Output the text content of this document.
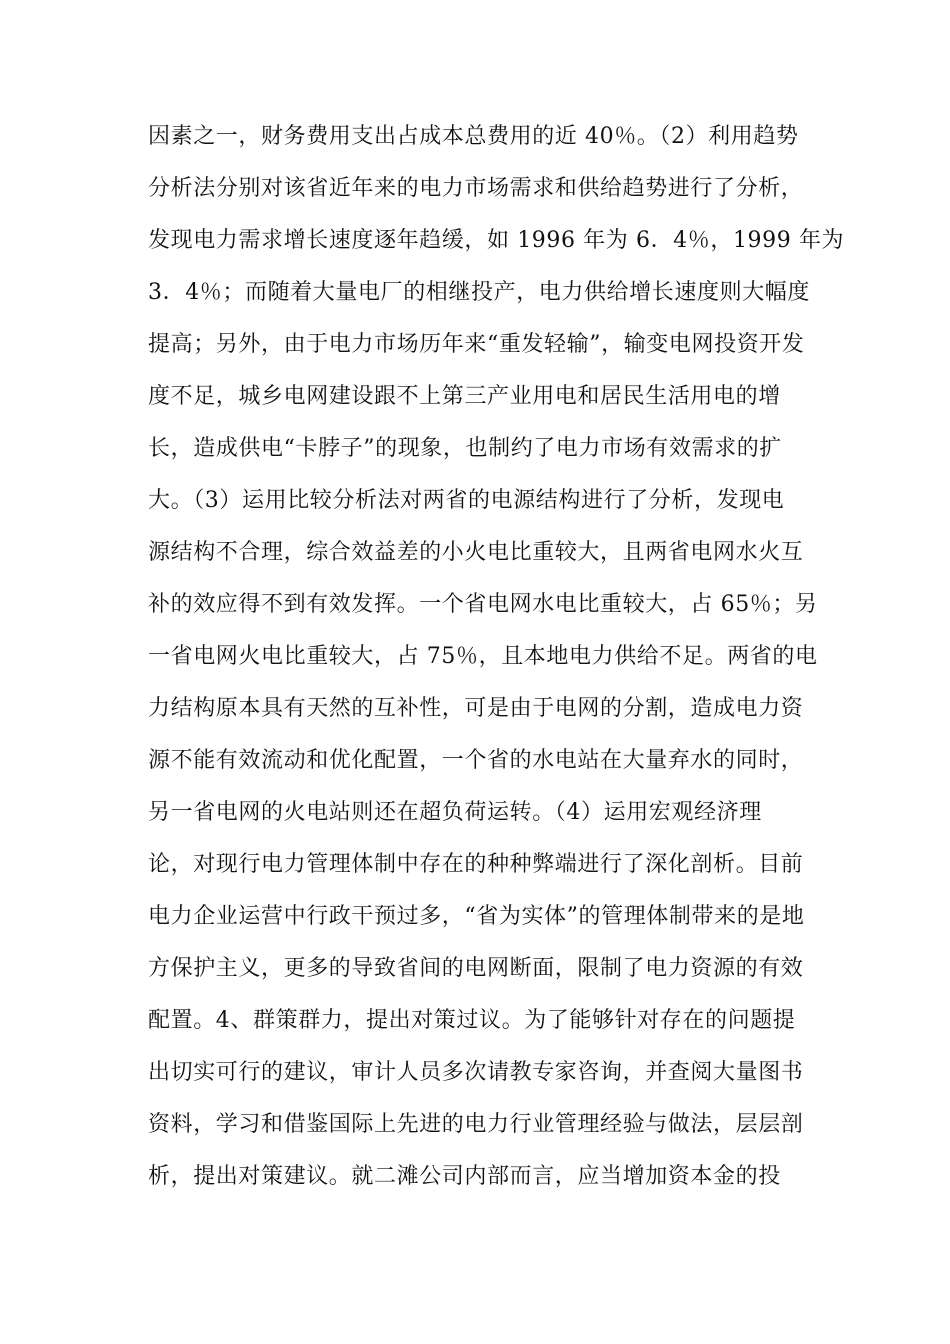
因素之一，财务费用支出占成本总费用的近 40％。（2）利用趋势
分析法分别对该省近年来的电力市场需求和供给趋势进行了分析，
发现电力需求增长速度逐年趋缓，如 1996 年为 6．4％，1999 年为
3．4％；而随着大量电厂的相继投产，电力供给增长速度则大幅度
提高；另外，由于电力市场历年来“重发轻输”，输变电网投资开发
度不足，城乡电网建设跟不上第三产业用电和居民生活用电的增
长，造成供电“卡脖子”的现象，也制约了电力市场有效需求的扩
大。（3）运用比较分析法对两省的电源结构进行了分析，发现电
源结构不合理，综合效益差的小火电比重较大，且两省电网水火互
补的效应得不到有效发挥。一个省电网水电比重较大，占 65％；另
一省电网火电比重较大，占 75％，且本地电力供给不足。两省的电
力结构原本具有天然的互补性，可是由于电网的分割，造成电力资
源不能有效流动和优化配置，一个省的水电站在大量弃水的同时，
另一省电网的火电站则还在超负荷运转。（4）运用宏观经济理
论，对现行电力管理体制中存在的种种弊端进行了深化剖析。目前
电力企业运营中行政干预过多，“省为实体”的管理体制带来的是地
方保护主义，更多的导致省间的电网断面，限制了电力资源的有效
配置。4、群策群力，提出对策过议。为了能够针对存在的问题提
出切实可行的建议，审计人员多次请教专家咨询，并查阅大量图书
资料，学习和借鉴国际上先进的电力行业管理经验与做法，层层剖
析，提出对策建议。就二滩公司内部而言，应当增加资本金的投
